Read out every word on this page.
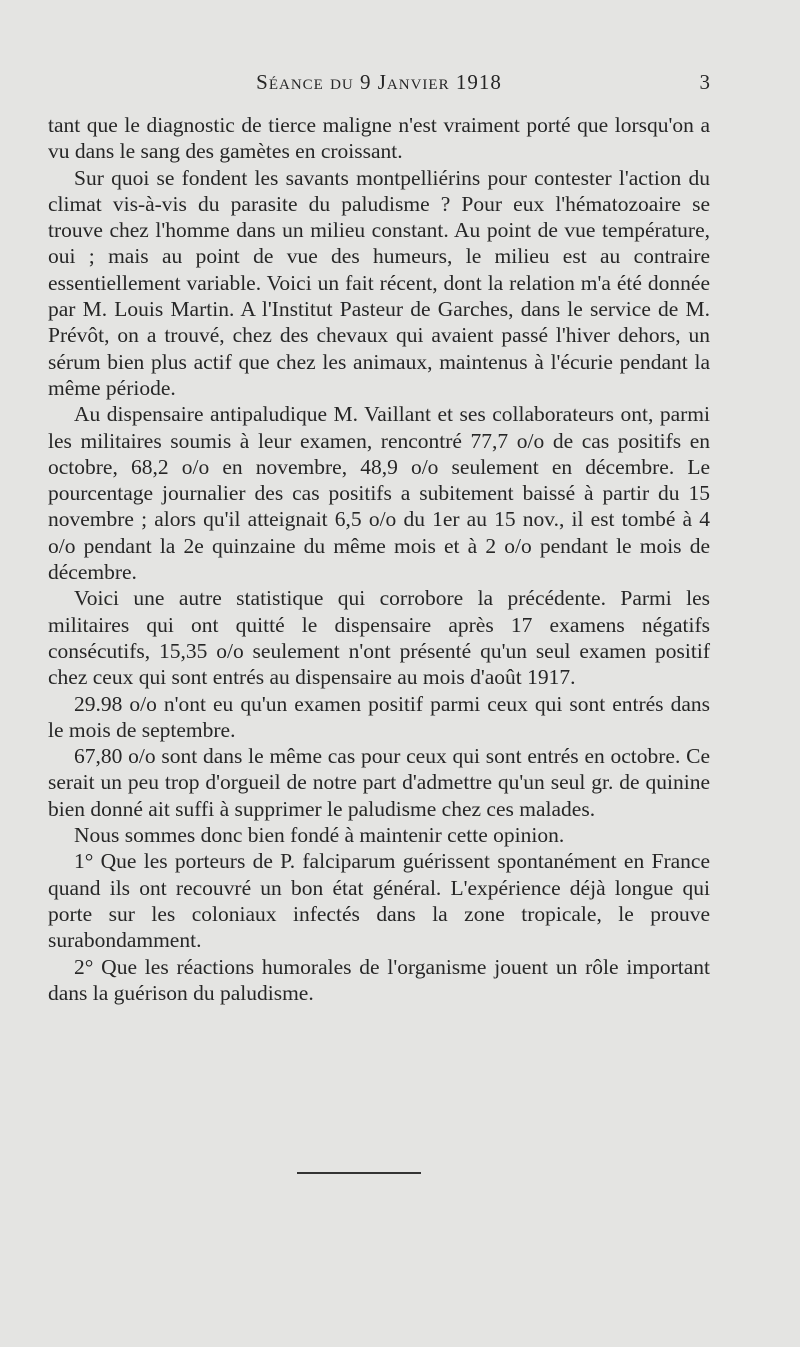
Séance du 9 Janvier 1918	3

tant que le diagnostic de tierce maligne n'est vraiment porté que lorsqu'on a vu dans le sang des gamètes en croissant.

Sur quoi se fondent les savants montpelliérins pour contester l'action du climat vis-à-vis du parasite du paludisme ? Pour eux l'hématozoaire se trouve chez l'homme dans un milieu constant. Au point de vue température, oui ; mais au point de vue des humeurs, le milieu est au contraire essentiellement variable. Voici un fait récent, dont la relation m'a été donnée par M. Louis Martin. A l'Institut Pasteur de Garches, dans le service de M. Prévôt, on a trouvé, chez des chevaux qui avaient passé l'hiver dehors, un sérum bien plus actif que chez les animaux, maintenus à l'écurie pendant la même période.

Au dispensaire antipaludique M. Vaillant et ses collaborateurs ont, parmi les militaires soumis à leur examen, rencontré 77,7 o/o de cas positifs en octobre, 68,2 o/o en novembre, 48,9 o/o seulement en décembre. Le pourcentage journalier des cas positifs a subitement baissé à partir du 15 novembre ; alors qu'il atteignait 6,5 o/o du 1er au 15 nov., il est tombé à 4 o/o pendant la 2e quinzaine du même mois et à 2 o/o pendant le mois de décembre.

Voici une autre statistique qui corrobore la précédente. Parmi les militaires qui ont quitté le dispensaire après 17 examens négatifs consécutifs, 15,35 o/o seulement n'ont présenté qu'un seul examen positif chez ceux qui sont entrés au dispensaire au mois d'août 1917.

29.98 o/o n'ont eu qu'un examen positif parmi ceux qui sont entrés dans le mois de septembre.

67,80 o/o sont dans le même cas pour ceux qui sont entrés en octobre. Ce serait un peu trop d'orgueil de notre part d'admettre qu'un seul gr. de quinine bien donné ait suffi à supprimer le paludisme chez ces malades.

Nous sommes donc bien fondé à maintenir cette opinion.

1° Que les porteurs de P. falciparum guérissent spontanément en France quand ils ont recouvré un bon état général. L'expérience déjà longue qui porte sur les coloniaux infectés dans la zone tropicale, le prouve surabondamment.

2° Que les réactions humorales de l'organisme jouent un rôle important dans la guérison du paludisme.
